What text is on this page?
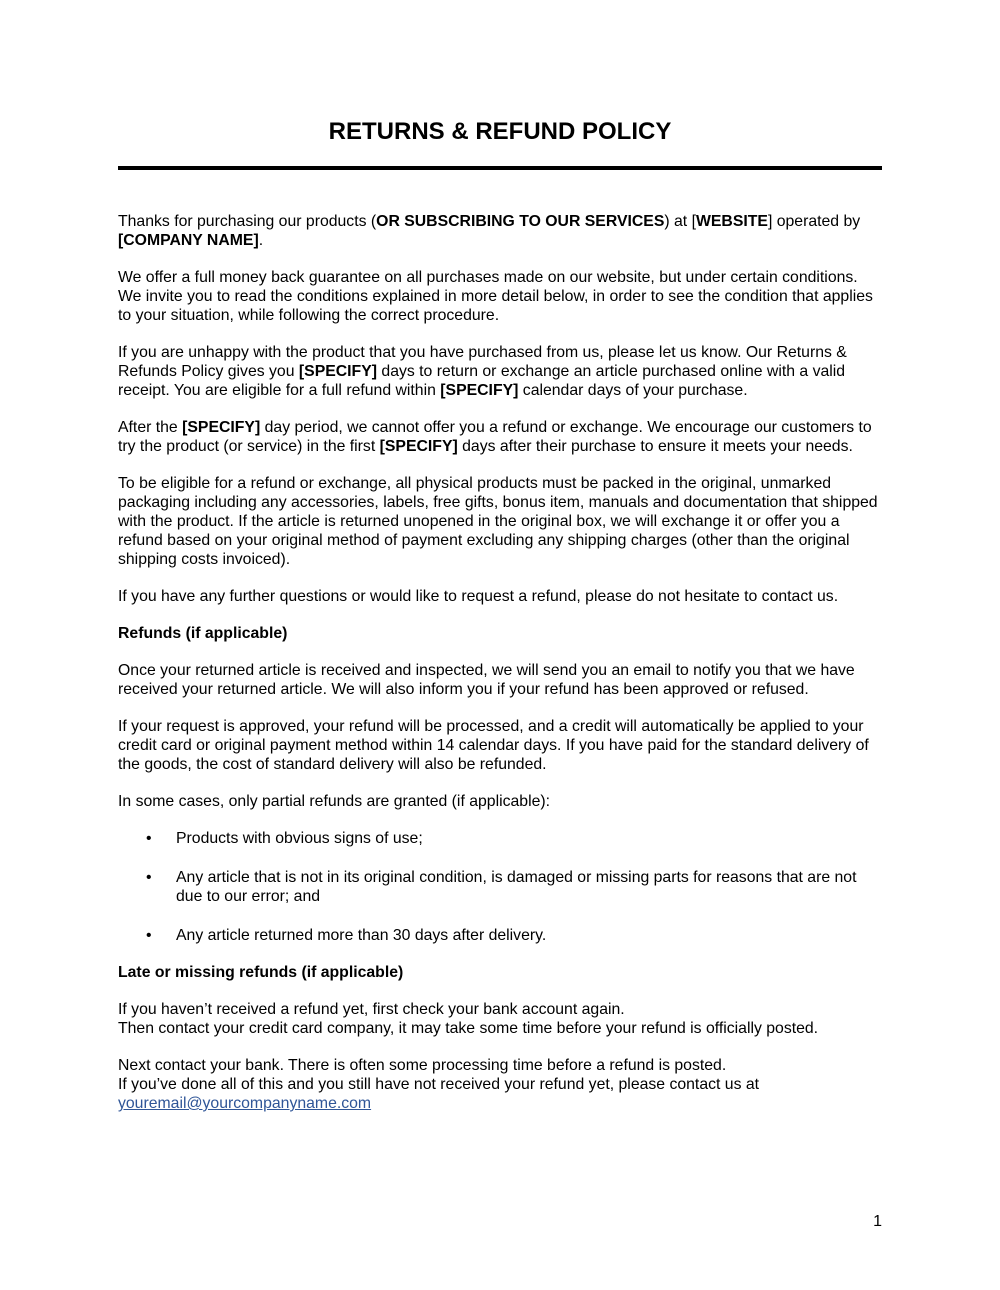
RETURNS & REFUND POLICY

Thanks for purchasing our products (OR SUBSCRIBING TO OUR SERVICES) at [WEBSITE] operated by [COMPANY NAME].

We offer a full money back guarantee on all purchases made on our website, but under certain conditions. We invite you to read the conditions explained in more detail below, in order to see the condition that applies to your situation, while following the correct procedure.

If you are unhappy with the product that you have purchased from us, please let us know. Our Returns & Refunds Policy gives you [SPECIFY] days to return or exchange an article purchased online with a valid receipt. You are eligible for a full refund within [SPECIFY] calendar days of your purchase.

After the [SPECIFY] day period, we cannot offer you a refund or exchange. We encourage our customers to try the product (or service) in the first [SPECIFY] days after their purchase to ensure it meets your needs.

To be eligible for a refund or exchange, all physical products must be packed in the original, unmarked packaging including any accessories, labels, free gifts, bonus item, manuals and documentation that shipped with the product. If the article is returned unopened in the original box, we will exchange it or offer you a refund based on your original method of payment excluding any shipping charges (other than the original shipping costs invoiced).

If you have any further questions or would like to request a refund, please do not hesitate to contact us.

Refunds (if applicable)

Once your returned article is received and inspected, we will send you an email to notify you that we have received your returned article. We will also inform you if your refund has been approved or refused.

If your request is approved, your refund will be processed, and a credit will automatically be applied to your credit card or original payment method within 14 calendar days. If you have paid for the standard delivery of the goods, the cost of standard delivery will also be refunded.

In some cases, only partial refunds are granted (if applicable):

• Products with obvious signs of use;
• Any article that is not in its original condition, is damaged or missing parts for reasons that are not due to our error; and
• Any article returned more than 30 days after delivery.

Late or missing refunds (if applicable)

If you haven’t received a refund yet, first check your bank account again.
Then contact your credit card company, it may take some time before your refund is officially posted.

Next contact your bank. There is often some processing time before a refund is posted.
If you’ve done all of this and you still have not received your refund yet, please contact us at
youremail@yourcompanyname.com

1
